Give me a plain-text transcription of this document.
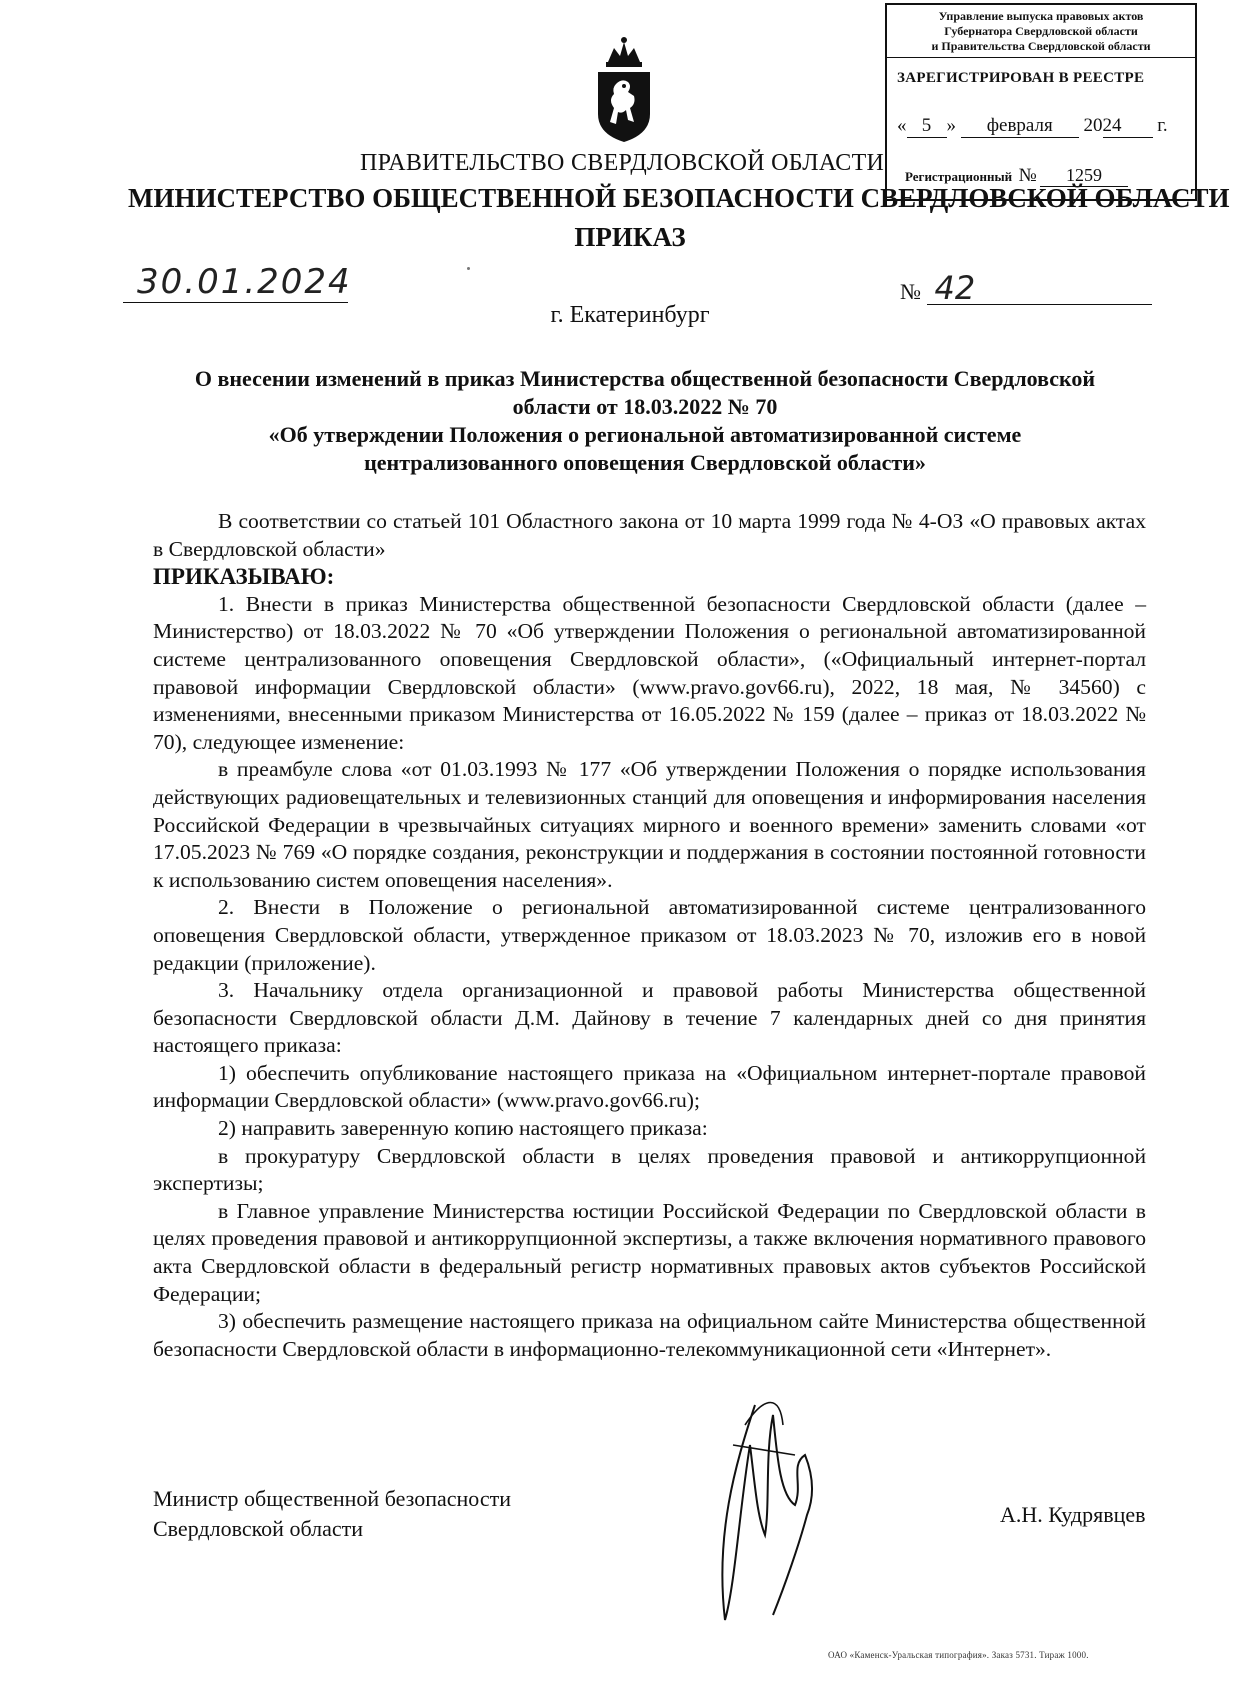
Управление выпуска правовых актов
Губернатора Свердловской области
и Правительства Свердловской области
ЗАРЕГИСТРИРОВАН В РЕЕСТРЕ
« 5 » февраля 2024 г.
Регистрационный № 1259
ПРАВИТЕЛЬСТВО СВЕРДЛОВСКОЙ ОБЛАСТИ
МИНИСТЕРСТВО ОБЩЕСТВЕННОЙ БЕЗОПАСНОСТИ СВЕРДЛОВСКОЙ ОБЛАСТИ
ПРИКАЗ
30.01.2024	№ 42
г. Екатеринбург
О внесении изменений в приказ Министерства общественной безопасности Свердловской
области от 18.03.2022 № 70
«Об утверждении Положения о региональной автоматизированной системе
централизованного оповещения Свердловской области»

В соответствии со статьей 101 Областного закона от 10 марта 1999 года № 4-ОЗ «О правовых актах в Свердловской области»

ПРИКАЗЫВАЮ:

1. Внести в приказ Министерства общественной безопасности Свердловской области (далее – Министерство) от 18.03.2022 № 70 «Об утверждении Положения о региональной автоматизированной системе централизованного оповещения Свердловской области», («Официальный интернет-портал правовой информации Свердловской области» (www.pravo.gov66.ru), 2022, 18 мая, № 34560) с изменениями, внесенными приказом Министерства от 16.05.2022 № 159 (далее – приказ от 18.03.2022 № 70), следующее изменение:

в преамбуле слова «от 01.03.1993 № 177 «Об утверждении Положения о порядке использования действующих радиовещательных и телевизионных станций для оповещения и информирования населения Российской Федерации в чрезвычайных ситуациях мирного и военного времени» заменить словами «от 17.05.2023 № 769 «О порядке создания, реконструкции и поддержания в состоянии постоянной готовности к использованию систем оповещения населения».

2. Внести в Положение о региональной автоматизированной системе централизованного оповещения Свердловской области, утвержденное приказом от 18.03.2023 № 70, изложив его в новой редакции (приложение).

3. Начальнику отдела организационной и правовой работы Министерства общественной безопасности Свердловской области Д.М. Дайнову в течение 7 календарных дней со дня принятия настоящего приказа:

1) обеспечить опубликование настоящего приказа на «Официальном интернет-портале правовой информации Свердловской области» (www.pravo.gov66.ru);

2) направить заверенную копию настоящего приказа:

в прокуратуру Свердловской области в целях проведения правовой и антикоррупционной экспертизы;

в Главное управление Министерства юстиции Российской Федерации по Свердловской области в целях проведения правовой и антикоррупционной экспертизы, а также включения нормативного правового акта Свердловской области в федеральный регистр нормативных правовых актов субъектов Российской Федерации;

3) обеспечить размещение настоящего приказа на официальном сайте Министерства общественной безопасности Свердловской области в информационно-телекоммуникационной сети «Интернет».

Министр общественной безопасности
Свердловской области
А.Н. Кудрявцев
ОАО «Каменск-Уральская типография». Заказ 5731. Тираж 1000.
